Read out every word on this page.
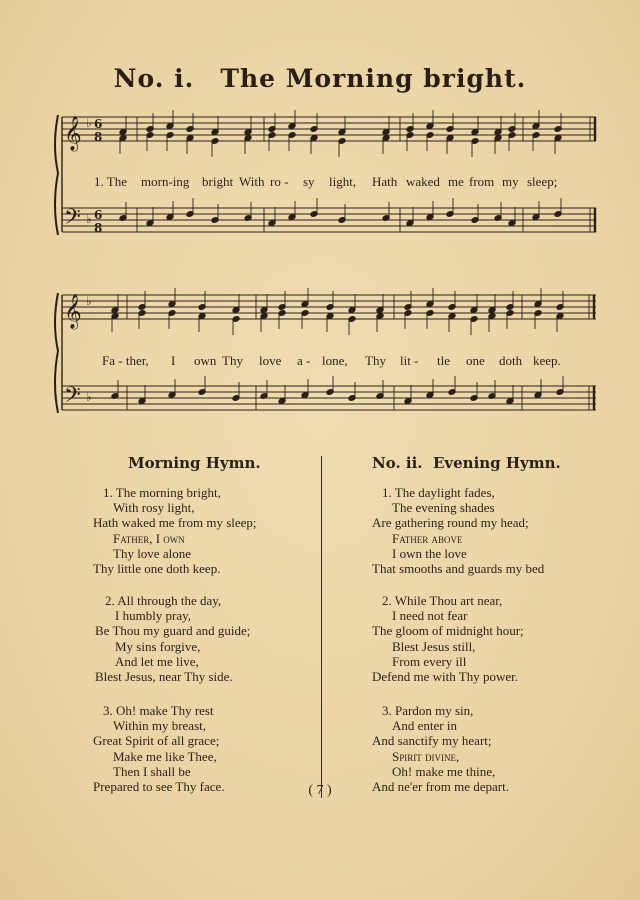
No. i. The Morning bright.
𝄞 ♭ 6
8
𝄢 ♭ 6
8
1. The morn-ing bright With ro - sy light, Hath waked me from my sleep;
𝄞 ♭
𝄢 ♭
Fa - ther, I own Thy love a - lone, Thy lit - tle one doth keep.
Morning Hymn.
1. The morning bright,
With rosy light,
Hath waked me from my sleep;
Father, I own
Thy love alone
Thy little one doth keep.
2. All through the day,
I humbly pray,
Be Thou my guard and guide;
My sins forgive,
And let me live,
Blest Jesus, near Thy side.
3. Oh! make Thy rest
Within my breast,
Great Spirit of all grace;
Make me like Thee,
Then I shall be
Prepared to see Thy face.
No. ii. Evening Hymn.
1. The daylight fades,
The evening shades
Are gathering round my head;
Father above
I own the love
That smooths and guards my bed
2. While Thou art near,
I need not fear
The gloom of midnight hour;
Blest Jesus still,
From every ill
Defend me with Thy power.
3. Pardon my sin,
And enter in
And sanctify my heart;
Spirit divine,
Oh! make me thine,
And ne'er from me depart.
( 7 )
